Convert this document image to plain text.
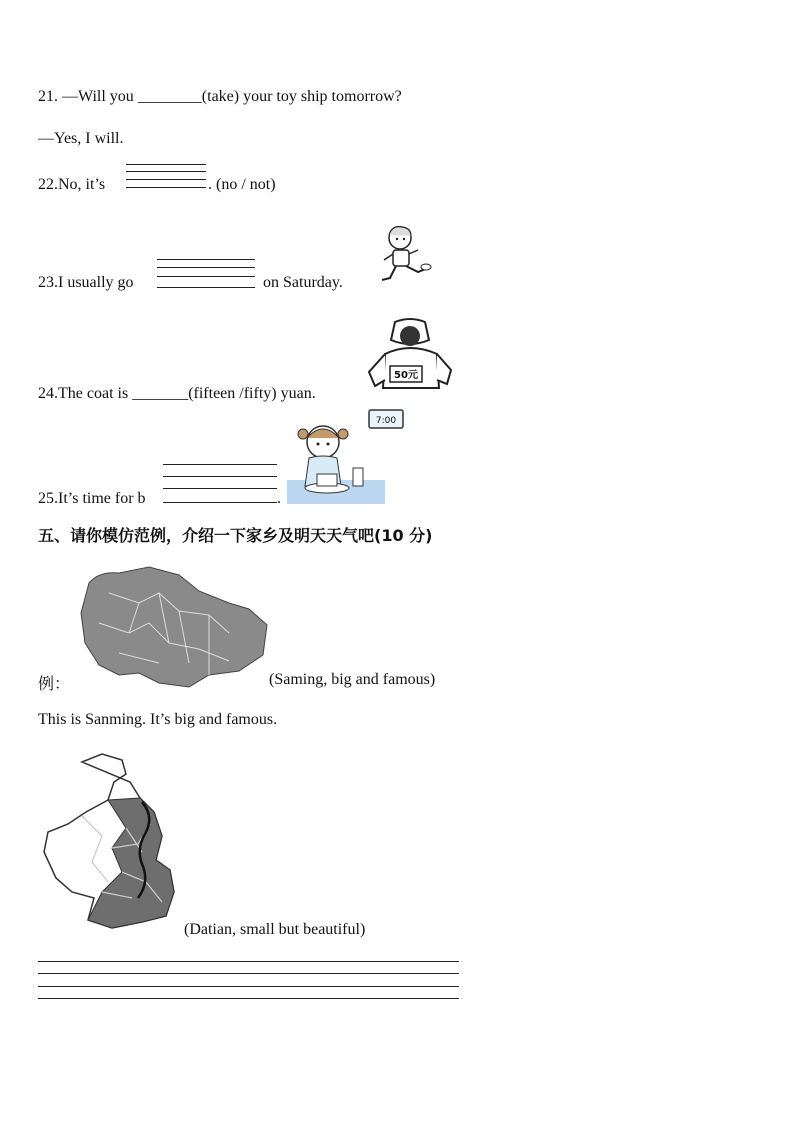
21. —Will you ________(take) your toy ship tomorrow?
—Yes, I will.
22.No, it’s	. (no / not)
23.I usually go	on Saturday.
24.The coat is _______(fifteen /fifty) yuan.
50元
25.It’s time for b	.
7:00
五、请你模仿范例，介绍一下家乡及明天天气吧(10 分)
例：	(Saming, big and famous)
This is Sanming. It’s big and famous.
(Datian, small but beautiful)
